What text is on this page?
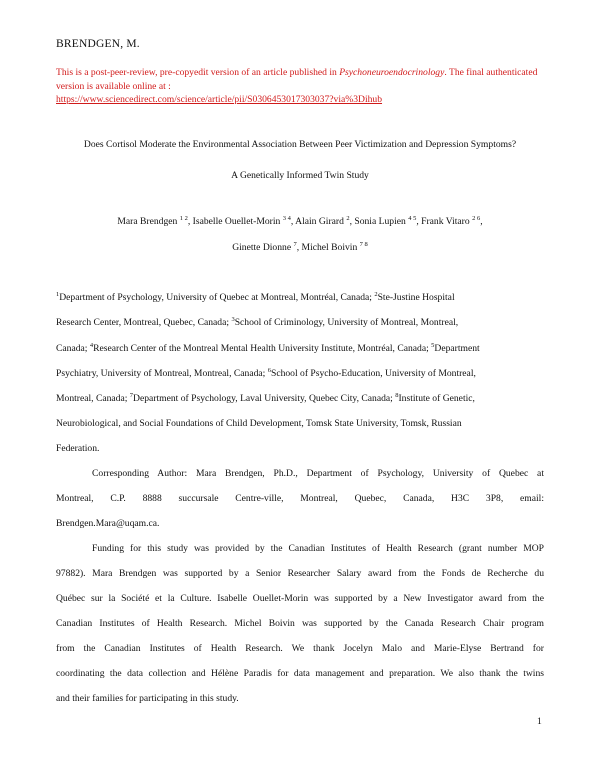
BRENDGEN, M.
This is a post-peer-review, pre-copyedit version of an article published in Psychoneuroendocrinology. The final authenticated version is available online at :
https://www.sciencedirect.com/science/article/pii/S0306453017303037?via%3Dihub
Does Cortisol Moderate the Environmental Association Between Peer Victimization and Depression Symptoms?
A Genetically Informed Twin Study
Mara Brendgen $^{1 2}$, Isabelle Ouellet-Morin $^{3 4}$, Alain Girard $^2$, Sonia Lupien $^{4 5}$, Frank Vitaro $^{2 6}$,
Ginette Dionne $^7$, Michel Boivin $^{7 8}$
$^1$Department of Psychology, University of Quebec at Montreal, Montréal, Canada; $^2$Ste-Justine Hospital
Research Center, Montreal, Quebec, Canada; $^3$School of Criminology, University of Montreal, Montreal,
Canada; $^4$Research Center of the Montreal Mental Health University Institute, Montréal, Canada; $^5$Department
Psychiatry, University of Montreal, Montreal, Canada; $^6$School of Psycho-Education, University of Montreal,
Montreal, Canada; $^7$Department of Psychology, Laval University, Quebec City, Canada; $^8$Institute of Genetic,
Neurobiological, and Social Foundations of Child Development, Tomsk State University, Tomsk, Russian
Federation.
Corresponding Author: Mara Brendgen, Ph.D., Department of Psychology, University of Quebec at
Montreal, C.P. 8888 succursale Centre-ville, Montreal, Quebec, Canada, H3C 3P8, email:
Brendgen.Mara@uqam.ca.
Funding for this study was provided by the Canadian Institutes of Health Research (grant number MOP
97882). Mara Brendgen was supported by a Senior Researcher Salary award from the Fonds de Recherche du
Québec sur la Société et la Culture. Isabelle Ouellet-Morin was supported by a New Investigator award from the
Canadian Institutes of Health Research. Michel Boivin was supported by the Canada Research Chair program
from the Canadian Institutes of Health Research. We thank Jocelyn Malo and Marie-Elyse Bertrand for
coordinating the data collection and Hélène Paradis for data management and preparation. We also thank the twins
and their families for participating in this study.
1
